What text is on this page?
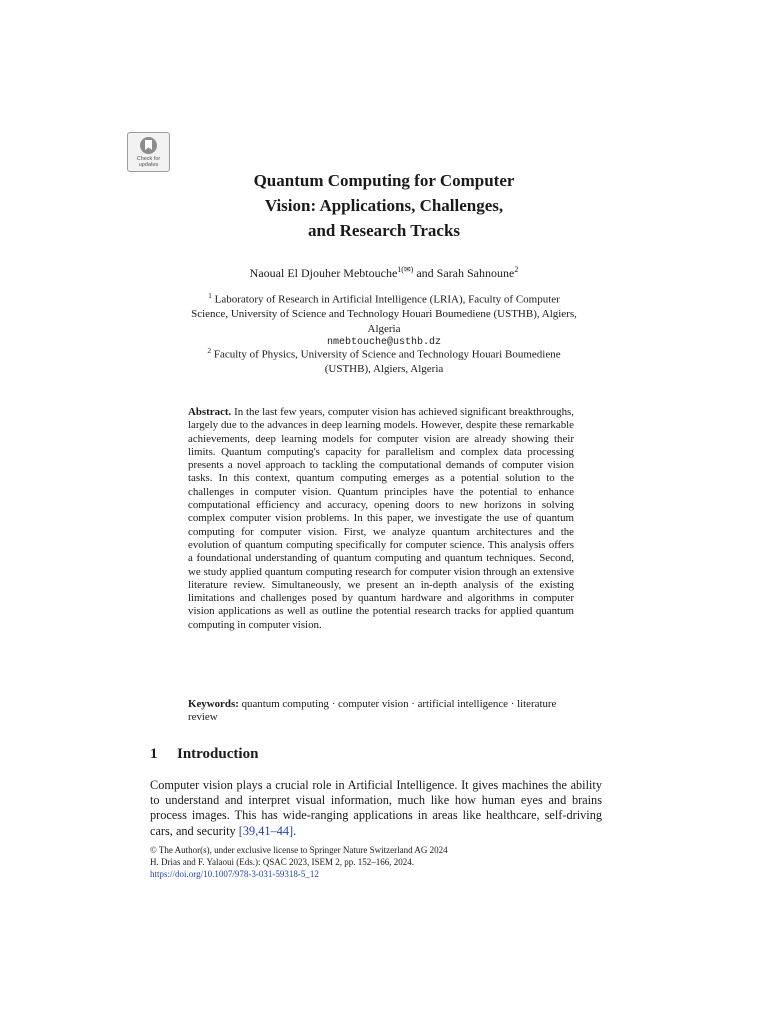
Check for
updates
Quantum Computing for Computer
Vision: Applications, Challenges,
and Research Tracks
Naoual El Djouher Mebtouche$^{1(✉)}$ and Sarah Sahnoune$^2$
$^1$ Laboratory of Research in Artificial Intelligence (LRIA), Faculty of Computer
Science, University of Science and Technology Houari Boumediene (USTHB), Algiers,
Algeria
nmebtouche@usthb.dz
$^2$ Faculty of Physics, University of Science and Technology Houari Boumediene
(USTHB), Algiers, Algeria

Abstract. In the last few years, computer vision has achieved significant breakthroughs, largely due to the advances in deep learning models. However, despite these remarkable achievements, deep learning models for computer vision are already showing their limits. Quantum computing's capacity for parallelism and complex data processing presents a novel approach to tackling the computational demands of computer vision tasks. In this context, quantum computing emerges as a potential solution to the challenges in computer vision. Quantum principles have the potential to enhance computational efficiency and accuracy, opening doors to new horizons in solving complex computer vision problems. In this paper, we investigate the use of quantum computing for computer vision. First, we analyze quantum architectures and the evolution of quantum computing specifically for computer science. This analysis offers a foundational understanding of quantum computing and quantum techniques. Second, we study applied quantum computing research for computer vision through an extensive literature review. Simultaneously, we present an in-depth analysis of the existing limitations and challenges posed by quantum hardware and algorithms in computer vision applications as well as outline the potential research tracks for applied quantum computing in computer vision.

Keywords: quantum computing · computer vision · artificial intelligence · literature review

1 Introduction

Computer vision plays a crucial role in Artificial Intelligence. It gives machines the ability to understand and interpret visual information, much like how human eyes and brains process images. This has wide-ranging applications in areas like healthcare, self-driving cars, and security [39,41–44].

© The Author(s), under exclusive license to Springer Nature Switzerland AG 2024
H. Drias and F. Yalaoui (Eds.): QSAC 2023, ISEM 2, pp. 152–166, 2024.
https://doi.org/10.1007/978-3-031-59318-5_12
